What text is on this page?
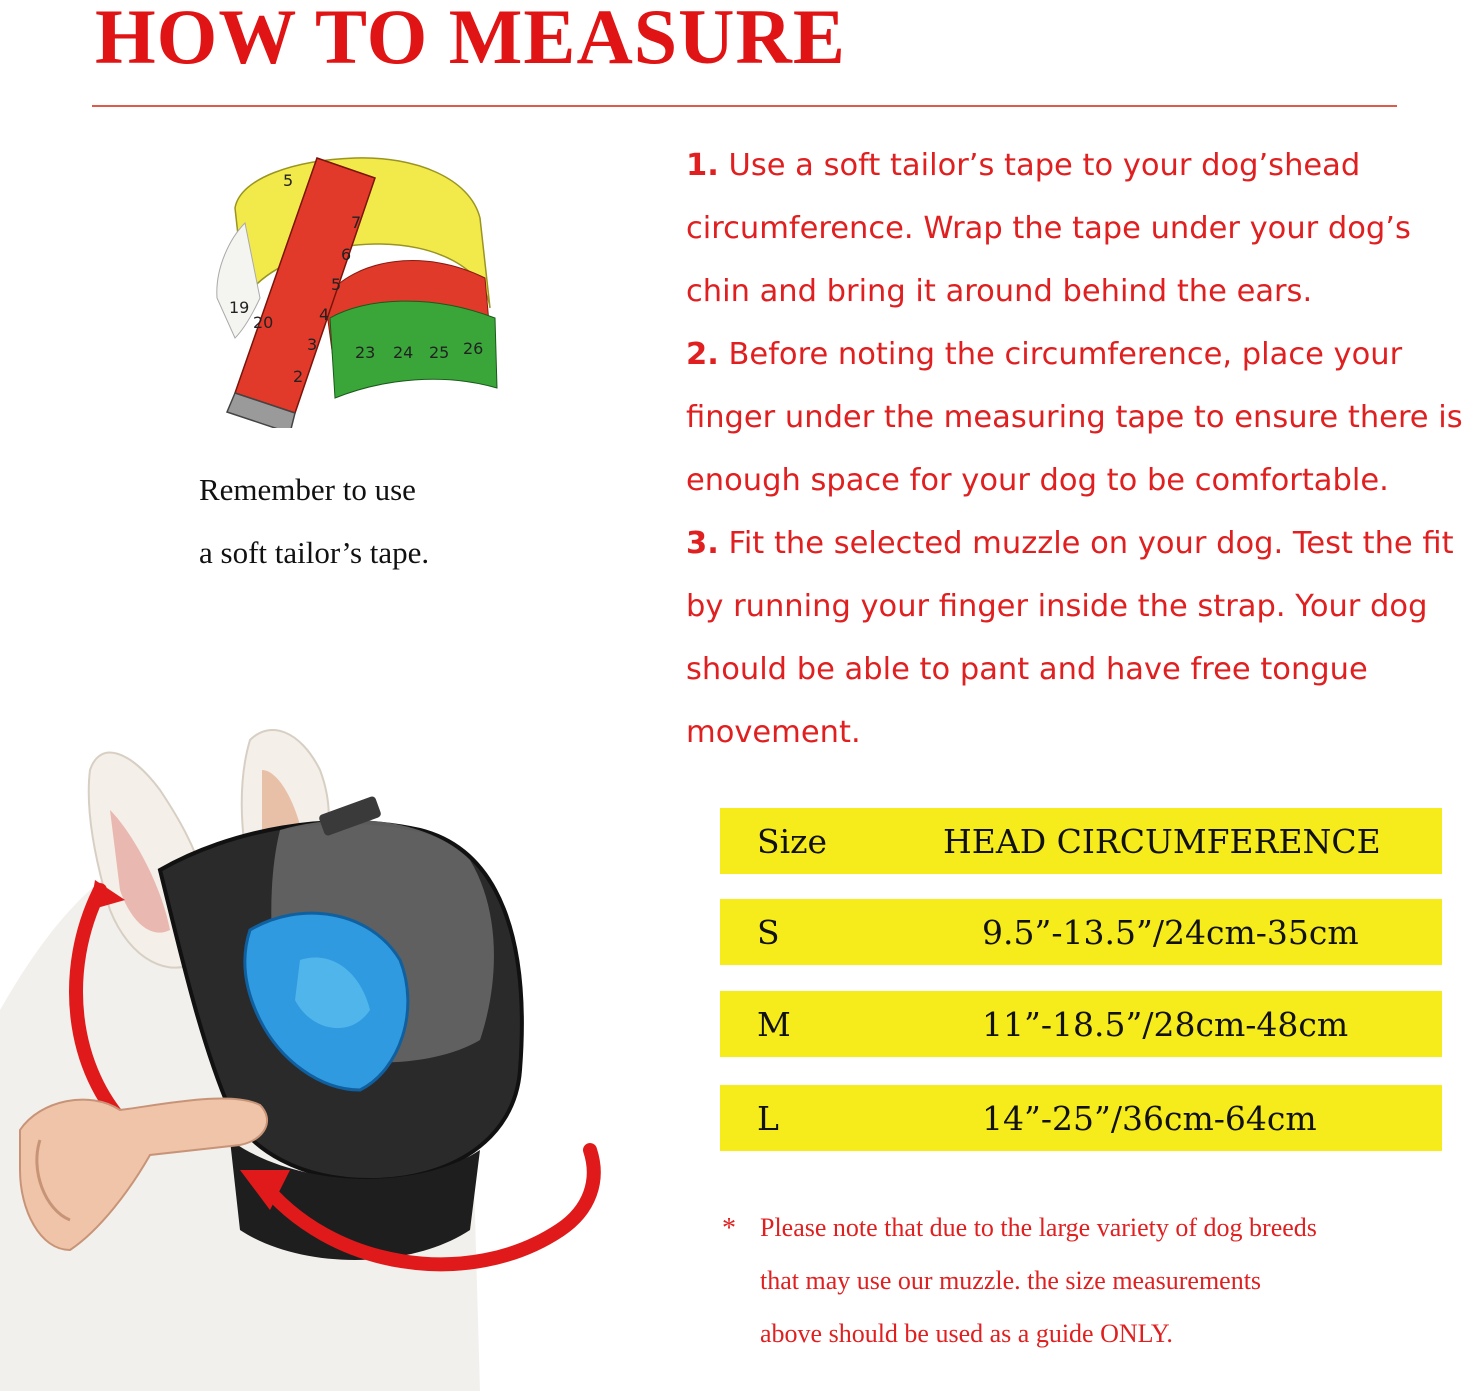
HOW TO MEASURE
5
7
6
5
4
3
2
23 24 25 26
19
20
Remember to use
a soft tailor’s tape.

1. Use a soft tailor’s tape to your dog’shead circumference. Wrap the tape under your dog’s chin and bring it around behind the ears.

2. Before noting the circumference, place your finger under the measuring tape to ensure there is enough space for your dog to be comfortable.

3. Fit the selected muzzle on your dog. Test the fit by running your finger inside the strap. Your dog should be able to pant and have free tongue movement.

Size	HEAD CIRCUMFERENCE
S	9.5”-13.5”/24cm-35cm
M	11”-18.5”/28cm-48cm
L	14”-25”/36cm-64cm
* Please note that due to the large variety of dog breeds
that may use our muzzle. the size measurements
above should be used as a guide ONLY.
